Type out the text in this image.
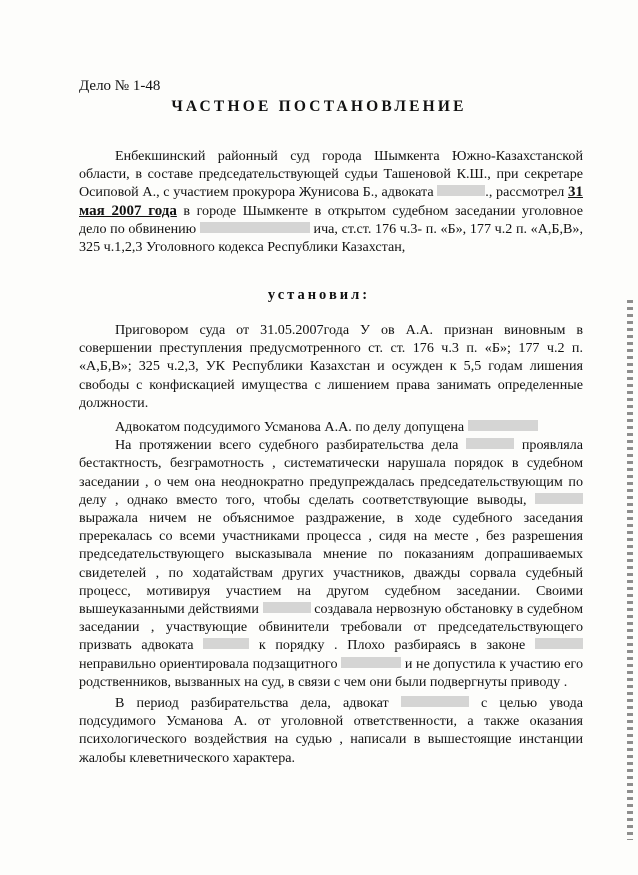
Дело № 1-48
ЧАСТНОЕ ПОСТАНОВЛЕНИЕ

Енбекшинский районный суд города Шымкента Южно-Казахстанской области, в составе председательствующей судьи Ташеновой К.Ш., при секретаре Осиповой А., с участием прокурора Жунисова Б., адвоката	., рассмотрел 31 мая 2007 года в городе Шымкенте в открытом судебном заседании уголовное дело по обвинению	ича, ст.ст. 176 ч.3- п. «Б», 177 ч.2 п. «А,Б,В», 325 ч.1,2,3 Уголовного кодекса Республики Казахстан,

установил:

Приговором суда от 31.05.2007года У ов А.А. признан виновным в совершении преступления предусмотренного ст. ст. 176 ч.3 п. «Б»; 177 ч.2 п. «А,Б,В»; 325 ч.2,3, УК Республики Казахстан и осужден к 5,5 годам лишения свободы с конфискацией имущества с лишением права занимать определенные должности.

Адвокатом подсудимого Усманова А.А. по делу допущена

На протяжении всего судебного разбирательства дела	проявляла бестактность, безграмотность , систематически нарушала порядок в судебном заседании , о чем она неоднократно предупреждалась председательствующим по делу , однако вместо того, чтобы сделать соответствующие выводы,  выражала ничем не объяснимое раздражение, в ходе судебного заседания пререкалась со всеми участниками процесса , сидя на месте , без разрешения председательствующего высказывала мнение по показаниям допрашиваемых свидетелей , по ходатайствам других участников, дважды сорвала судебный процесс, мотивируя участием на другом судебном заседании. Своими вышеуказанными действиями	создавала нервозную обстановку в судебном заседании , участвующие обвинители требовали от председательствующего призвать адвоката	к порядку . Плохо разбираясь в законе  неправильно ориентировала подзащитного	и не допустила к участию его родственников, вызванных на суд, в связи с чем они были подвергнуты приводу .

В период разбирательства дела, адвокат	с целью увода подсудимого Усманова А. от уголовной ответственности, а также оказания психологического воздействия на судью , написали в вышестоящие инстанции жалобы клеветнического характера.
